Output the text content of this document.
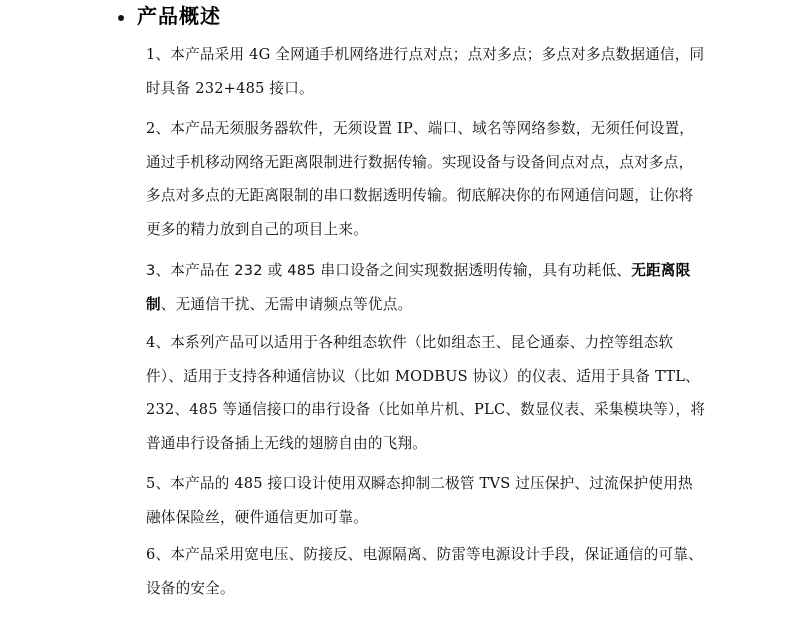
产品概述

1、本产品采用 4G 全网通手机网络进行点对点；点对多点；多点对多点数据通信，同时具备 232+485 接口。

2、本产品无须服务器软件，无须设置 IP、端口、域名等网络参数，无须任何设置，通过手机移动网络无距离限制进行数据传输。实现设备与设备间点对点，点对多点，多点对多点的无距离限制的串口数据透明传输。彻底解决你的布网通信问题，让你将更多的精力放到自己的项目上来。

3、本产品在 232 或 485 串口设备之间实现数据透明传输，具有功耗低、无距离限制、无通信干扰、无需申请频点等优点。

4、本系列产品可以适用于各种组态软件（比如组态王、昆仑通泰、力控等组态软件）、适用于支持各种通信协议（比如 MODBUS 协议）的仪表、适用于具备 TTL、232、485 等通信接口的串行设备（比如单片机、PLC、数显仪表、采集模块等），将普通串行设备插上无线的翅膀自由的飞翔。

5、本产品的 485 接口设计使用双瞬态抑制二极管 TVS 过压保护、过流保护使用热融体保险丝，硬件通信更加可靠。

6、本产品采用宽电压、防接反、电源隔离、防雷等电源设计手段，保证通信的可靠、设备的安全。
